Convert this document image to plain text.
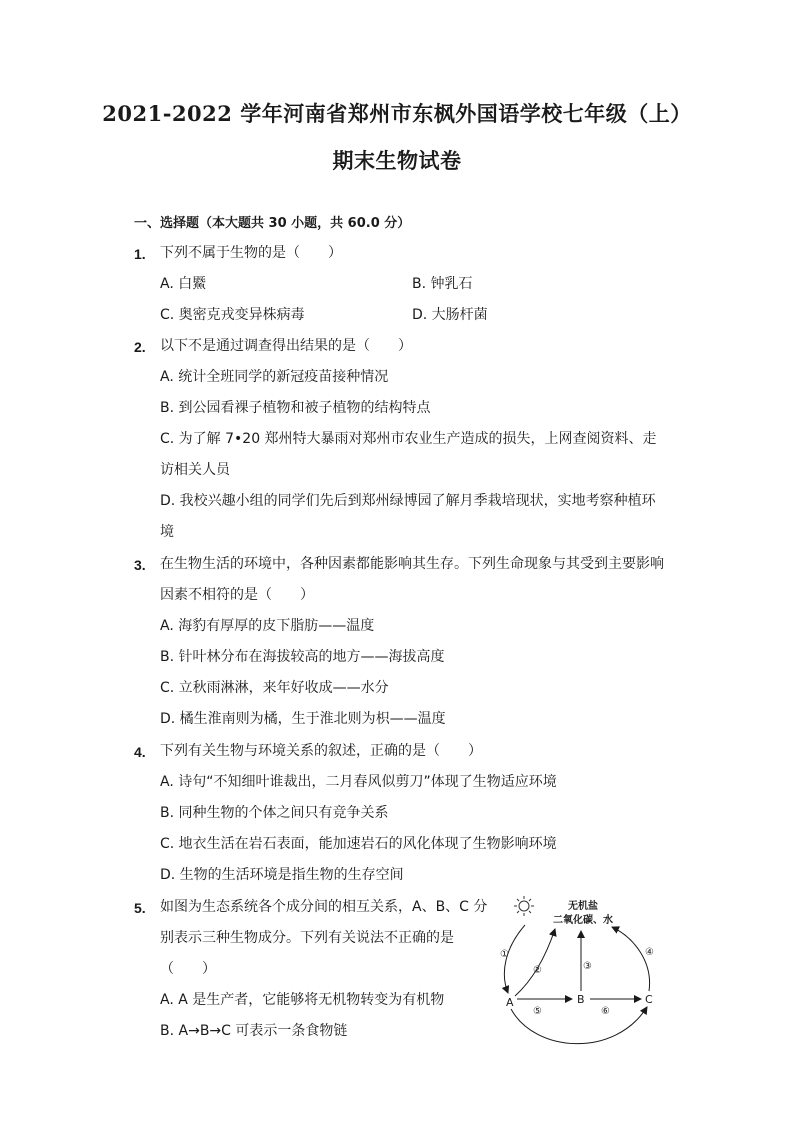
2021-2022 学年河南省郑州市东枫外国语学校七年级（上）
期末生物试卷
一、选择题（本大题共 30 小题，共 60.0 分）
1. 下列不属于生物的是（　　）
A. 白鱀	B. 钟乳石
C. 奥密克戎变异株病毒	D. 大肠杆菌
2. 以下不是通过调查得出结果的是（　　）
A. 统计全班同学的新冠疫苗接种情况
B. 到公园看裸子植物和被子植物的结构特点
C. 为了解 7•20 郑州特大暴雨对郑州市农业生产造成的损失，上网查阅资料、走访相关人员
D. 我校兴趣小组的同学们先后到郑州绿博园了解月季栽培现状，实地考察种植环境
3. 在生物生活的环境中，各种因素都能影响其生存。下列生命现象与其受到主要影响因素不相符的是（　　）
A. 海豹有厚厚的皮下脂肪——温度
B. 针叶林分布在海拔较高的地方——海拔高度
C. 立秋雨淋淋，来年好收成——水分
D. 橘生淮南则为橘，生于淮北则为枳——温度
4. 下列有关生物与环境关系的叙述，正确的是（　　）
A. 诗句“不知细叶谁裁出，二月春风似剪刀”体现了生物适应环境
B. 同种生物的个体之间只有竞争关系
C. 地衣生活在岩石表面，能加速岩石的风化体现了生物影响环境
D. 生物的生活环境是指生物的生存空间
5. 如图为生态系统各个成分间的相互关系，A、B、C 分
别表示三种生物成分。下列有关说法不正确的是
（　　）
A. A 是生产者，它能够将无机物转变为有机物
B. A→B→C 可表示一条食物链
无机盐
二氧化碳、水
A	B	C
①
②	③
④
⑤	⑥
